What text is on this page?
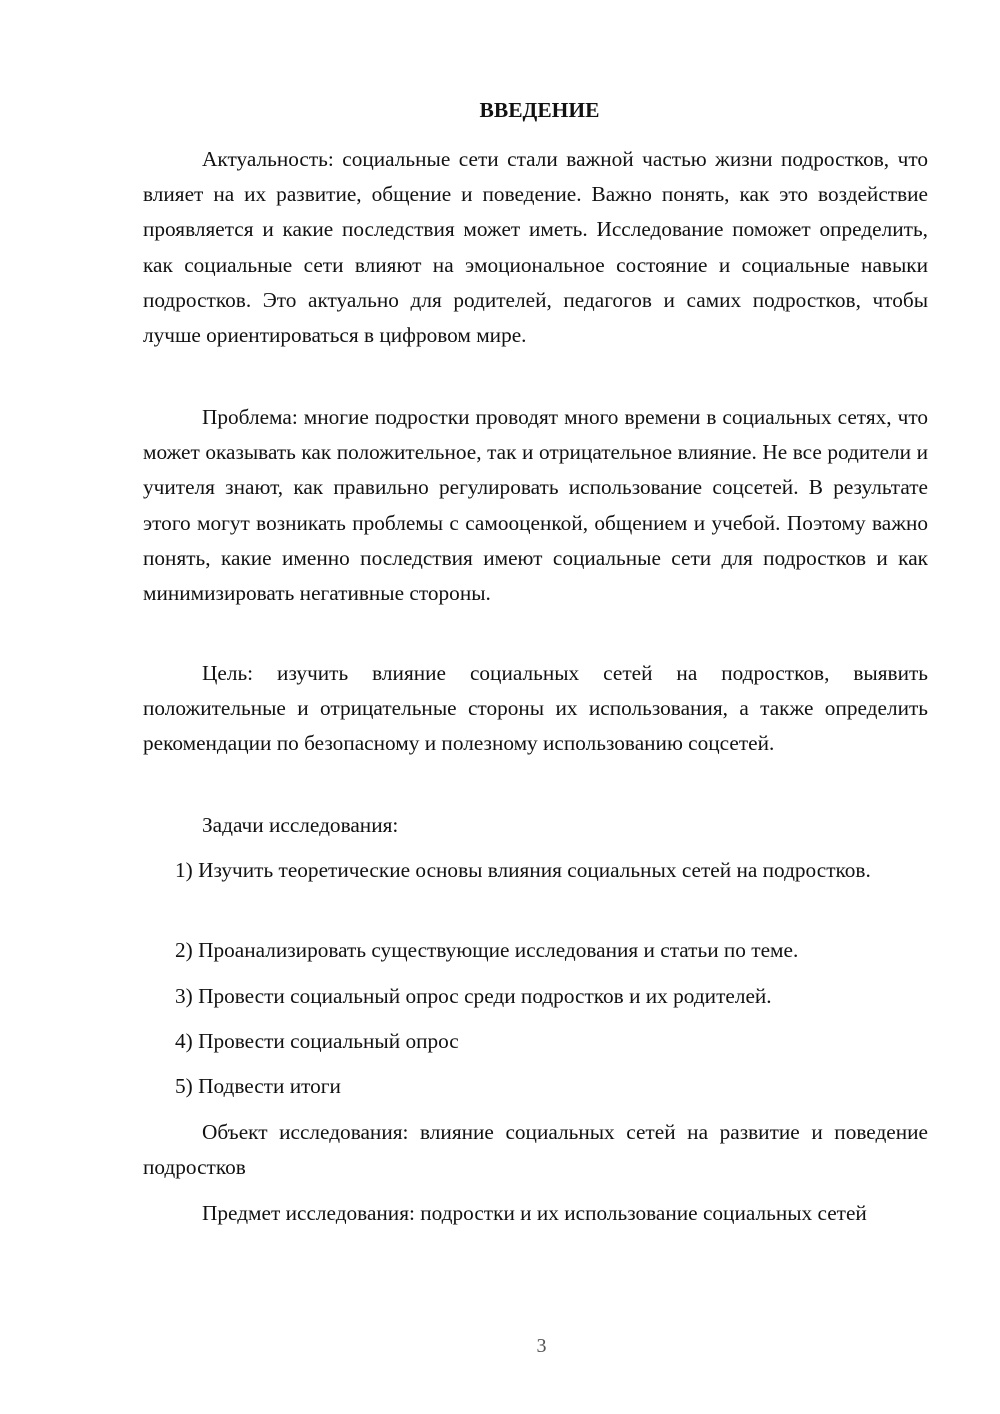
ВВЕДЕНИЕ

Актуальность: социальные сети стали важной частью жизни подростков, что влияет на их развитие, общение и поведение. Важно понять, как это воздействие проявляется и какие последствия может иметь. Исследование поможет определить, как социальные сети влияют на эмоциональное состояние и социальные навыки подростков. Это актуально для родителей, педагогов и самих подростков, чтобы лучше ориентироваться в цифровом мире.

Проблема: многие подростки проводят много времени в социальных сетях, что может оказывать как положительное, так и отрицательное влияние. Не все родители и учителя знают, как правильно регулировать использование соцсетей. В результате этого могут возникать проблемы с самооценкой, общением и учебой. Поэтому важно понять, какие именно последствия имеют социальные сети для подростков и как минимизировать негативные стороны.

Цель: изучить влияние социальных сетей на подростков, выявить положительные и отрицательные стороны их использования, а также определить рекомендации по безопасному и полезному использованию соцсетей.

Задачи исследования:

1) Изучить теоретические основы влияния социальных сетей на подростков.

2) Проанализировать существующие исследования и статьи по теме.

3) Провести социальный опрос среди подростков и их родителей.

4) Провести социальный опрос

5) Подвести итоги

Объект исследования: влияние социальных сетей на развитие и поведение подростков

Предмет исследования: подростки и их использование социальных сетей

3
